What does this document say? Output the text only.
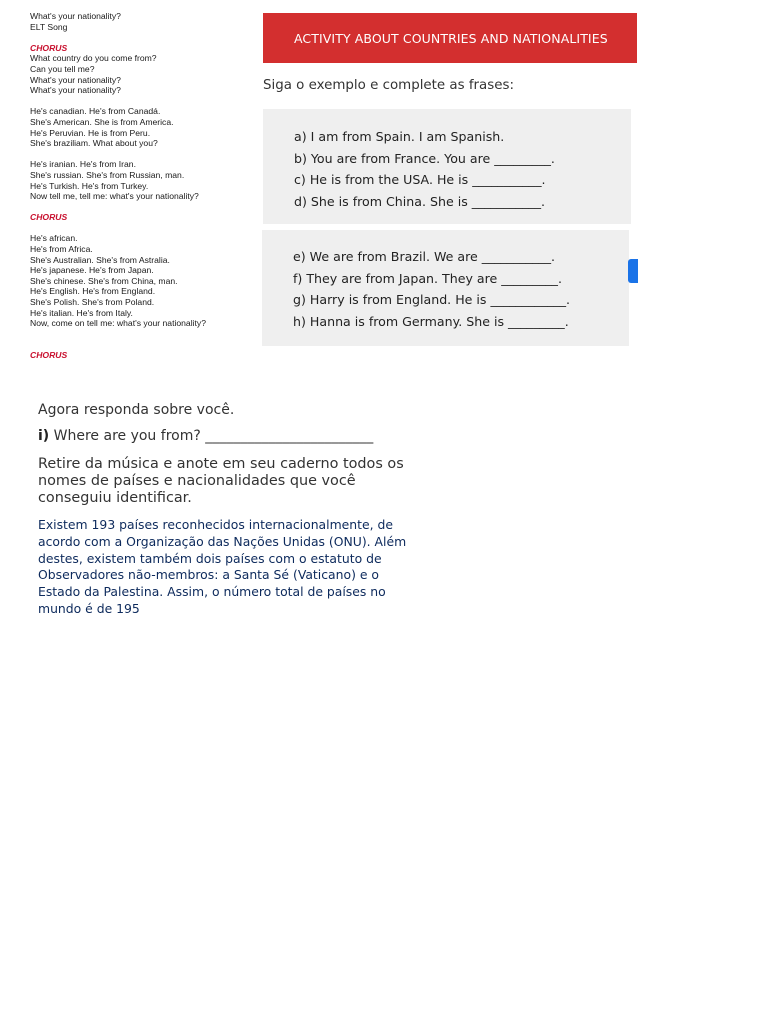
What's your nationality?
ELT Song
CHORUS
What country do you come from?
Can you tell me?
What's your nationality?
What's your nationality?
He's canadian. He's from Canadá.
She's American. She is from America.
He's Peruvian. He is from Peru.
She's braziliam. What about you?
He's iranian. He's from Iran.
She's russian. She's from Russian, man.
He's Turkish. He's from Turkey.
Now tell me, tell me: what's your nationality?
CHORUS
He's african.
He's from Africa.
She's Australian. She's from Astralia.
He's japanese. He's from Japan.
She's chinese. She's from China, man.
He's English. He's from England.
She's Polish. She's from Poland.
He's italian. He's from Italy.
Now, come on tell me: what's your nationality?
CHORUS
ACTIVITY ABOUT COUNTRIES AND NATIONALITIES
Siga o exemplo e complete as frases:
a) I am from Spain. I am Spanish.
b) You are from France. You are _________.
c) He is from the USA. He is ___________.
d) She is from China. She is ___________.
e) We are from Brazil. We are ___________.
f) They are from Japan. They are _________.
g) Harry is from England. He is ____________.
h) Hanna is from Germany. She is _________.
Agora responda sobre você.
i) Where are you from? ________________________
Retire da música e anote em seu caderno todos os nomes de países e nacionalidades que você conseguiu identificar.
Existem 193 países reconhecidos internacionalmente, de acordo com a Organização das Nações Unidas (ONU). Além destes, existem também dois países com o estatuto de Observadores não-membros: a Santa Sé (Vaticano) e o Estado da Palestina. Assim, o número total de países no mundo é de 195
